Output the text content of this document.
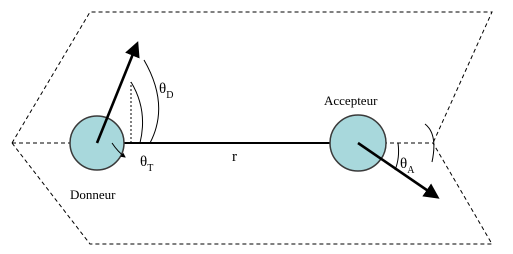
$\theta_D$
$\theta_T$	$\theta_A$
r
Donneur
Accepteur
